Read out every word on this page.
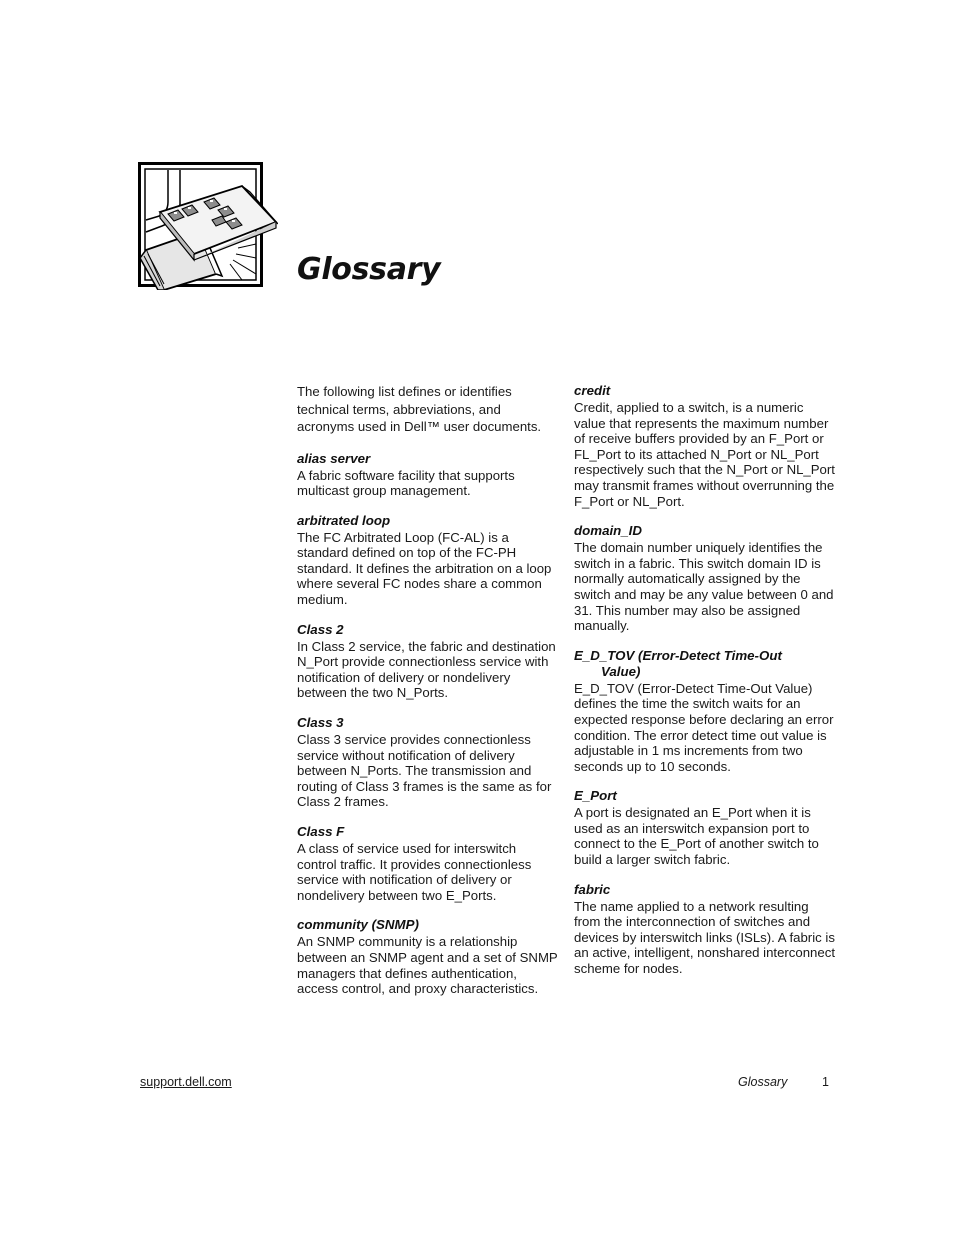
Glossary

The following list defines or identifies technical terms, abbreviations, and acronyms used in Dell™ user documents.

alias server

A fabric software facility that supports multicast group management.

arbitrated loop

The FC Arbitrated Loop (FC-AL) is a standard defined on top of the FC-PH standard. It defines the arbitration on a loop where several FC nodes share a common medium.

Class 2

In Class 2 service, the fabric and destination N_Port provide connectionless service with notification of delivery or nondelivery between the two N_Ports.

Class 3

Class 3 service provides connectionless service without notification of delivery between N_Ports. The transmission and routing of Class 3 frames is the same as for Class 2 frames.

Class F

A class of service used for interswitch control traffic. It provides connectionless service with notification of delivery or nondelivery between two E_Ports.

community (SNMP)

An SNMP community is a relationship between an SNMP agent and a set of SNMP managers that defines authentication, access control, and proxy characteristics.

credit

Credit, applied to a switch, is a numeric value that represents the maximum number of receive buffers provided by an F_Port or FL_Port to its attached N_Port or NL_Port respectively such that the N_Port or NL_Port may transmit frames without overrunning the F_Port or NL_Port.

domain_ID

The domain number uniquely identifies the switch in a fabric. This switch domain ID is normally automatically assigned by the switch and may be any value between 0 and 31. This number may also be assigned manually.

E_D_TOV (Error-Detect Time-Out
Value)

E_D_TOV (Error-Detect Time-Out Value) defines the time the switch waits for an expected response before declaring an error condition. The error detect time out value is adjustable in 1 ms increments from two seconds up to 10 seconds.

E_Port

A port is designated an E_Port when it is used as an interswitch expansion port to connect to the E_Port of another switch to build a larger switch fabric.

fabric

The name applied to a network resulting from the interconnection of switches and devices by interswitch links (ISLs). A fabric is an active, intelligent, nonshared interconnect scheme for nodes.

support.dell.com	Glossary	1
